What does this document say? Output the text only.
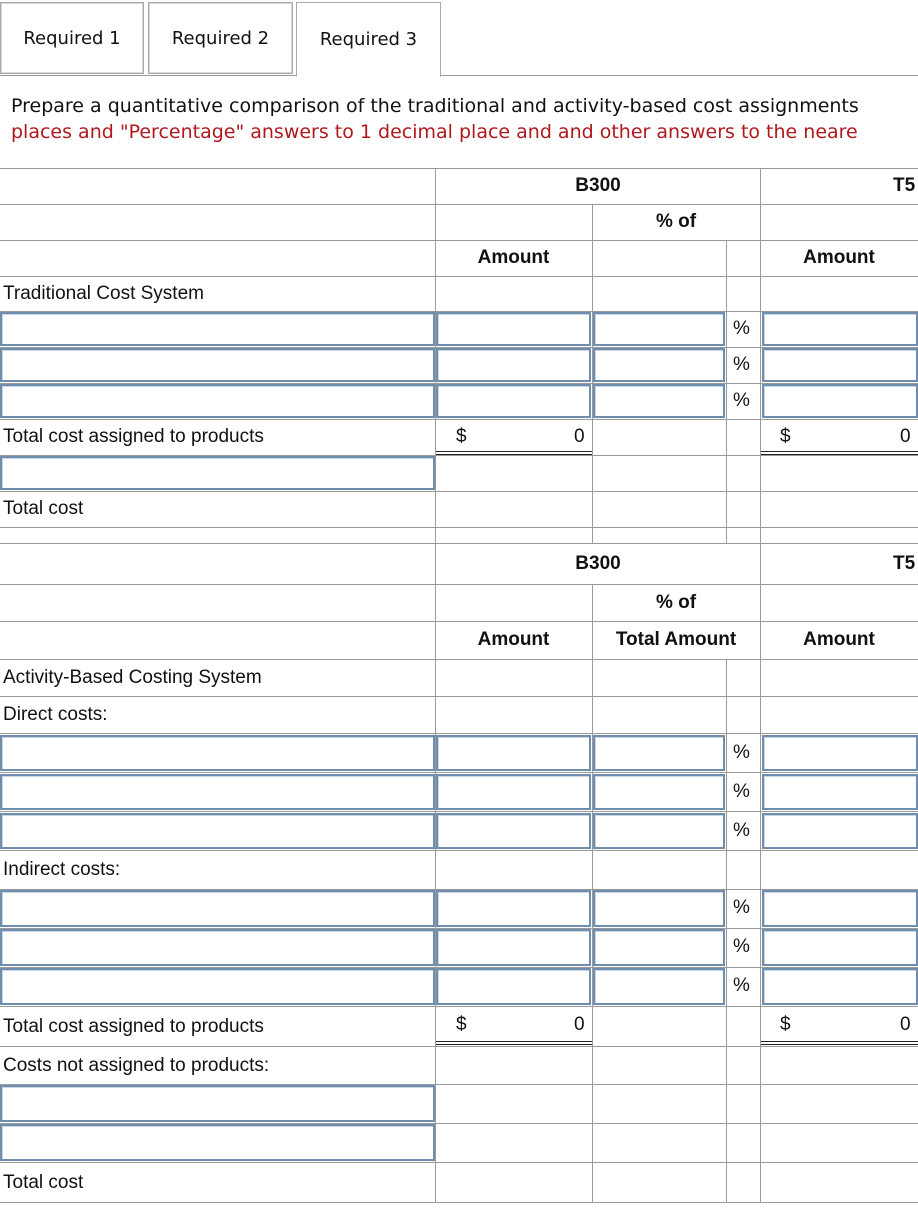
Required 1	Required 2	Required 3
Prepare a quantitative comparison of the traditional and activity-based cost assignments
places and "Percentage" answers to 1 decimal place and and other answers to the neare
B300	T5
% of
Amount	Amount
Traditional Cost System
%
%
%
Total cost assigned to products	$	0	$	0
Total cost
B300	T5
% of
Amount	Total Amount	Amount
Activity-Based Costing System
Direct costs:
%
%
%
Indirect costs:
%
%
%
Total cost assigned to products	$	0	$	0
Costs not assigned to products:
Total cost
